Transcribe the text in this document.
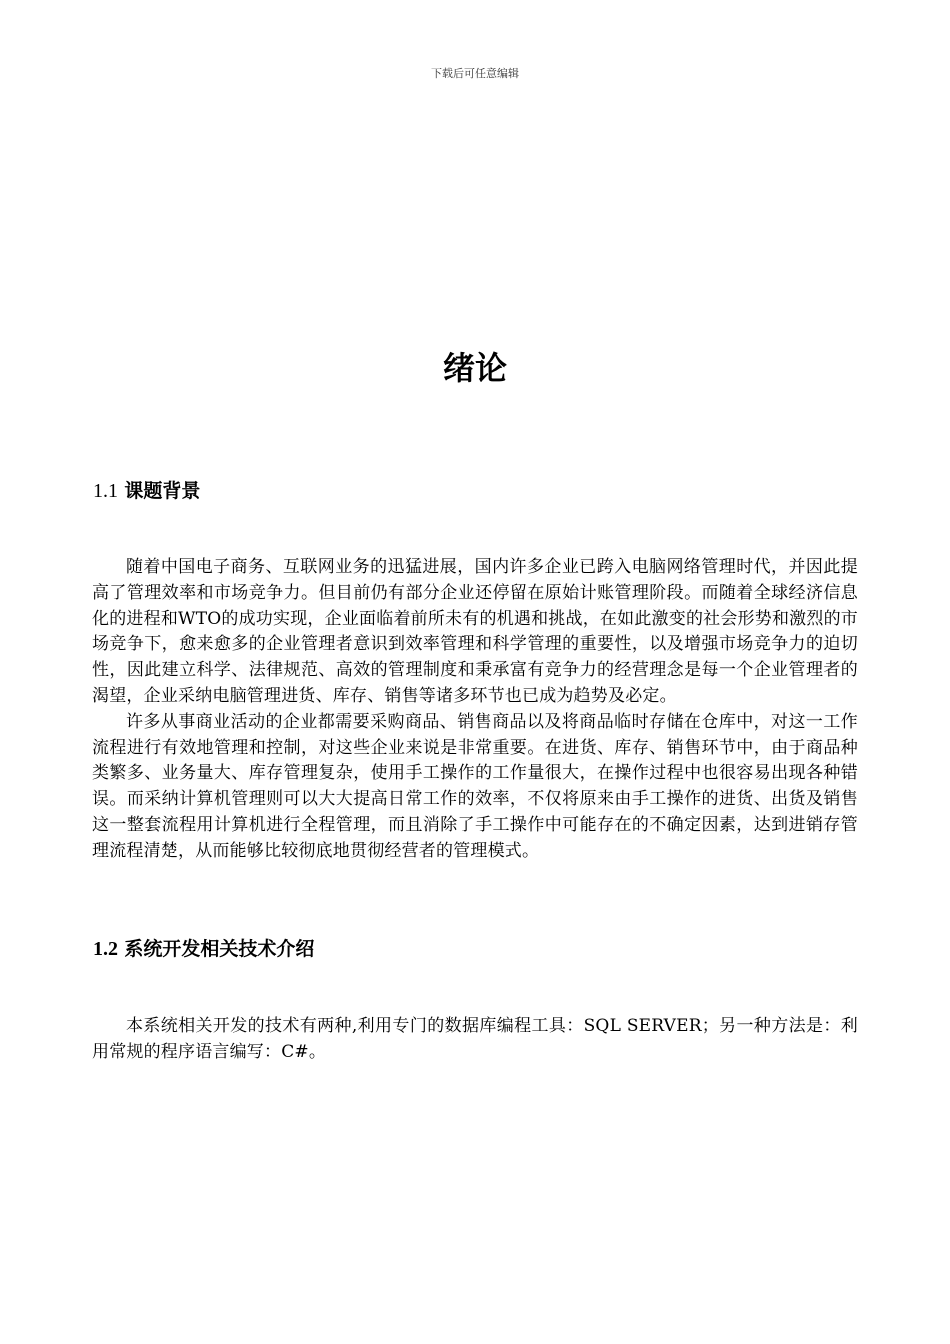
下载后可任意编辑
绪论
1.1 课题背景

随着中国电子商务、互联网业务的迅猛进展，国内许多企业已跨入电脑网络管理时代，并因此提高了管理效率和市场竞争力。但目前仍有部分企业还停留在原始计账管理阶段。而随着全球经济信息化的进程和WTO的成功实现，企业面临着前所未有的机遇和挑战，在如此激变的社会形势和激烈的市场竞争下，愈来愈多的企业管理者意识到效率管理和科学管理的重要性，以及增强市场竞争力的迫切性，因此建立科学、法律规范、高效的管理制度和秉承富有竞争力的经营理念是每一个企业管理者的渴望，企业采纳电脑管理进货、库存、销售等诸多环节也已成为趋势及必定。

许多从事商业活动的企业都需要采购商品、销售商品以及将商品临时存储在仓库中，对这一工作流程进行有效地管理和控制，对这些企业来说是非常重要。在进货、库存、销售环节中，由于商品种类繁多、业务量大、库存管理复杂，使用手工操作的工作量很大，在操作过程中也很容易出现各种错误。而采纳计算机管理则可以大大提高日常工作的效率，不仅将原来由手工操作的进货、出货及销售这一整套流程用计算机进行全程管理，而且消除了手工操作中可能存在的不确定因素，达到进销存管理流程清楚，从而能够比较彻底地贯彻经营者的管理模式。

1.2 系统开发相关技术介绍

本系统相关开发的技术有两种,利用专门的数据库编程工具：SQL SERVER；另一种方法是：利用常规的程序语言编写：C#。
